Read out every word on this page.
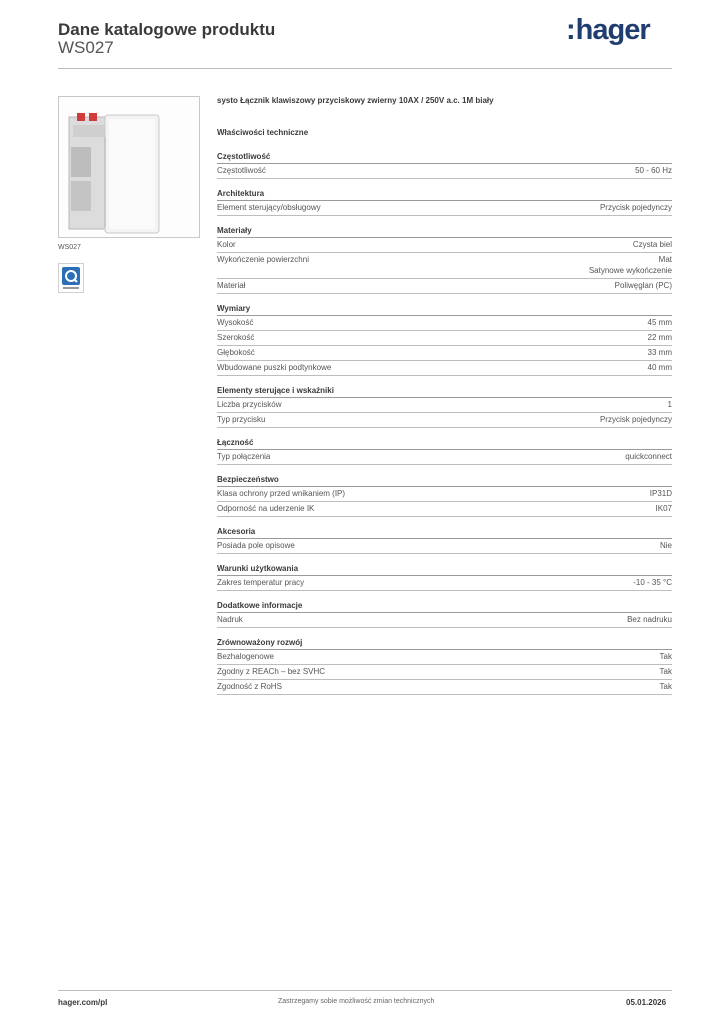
Dane katalogowe produktu
WS027
:hager
WS027
systo Łącznik klawiszowy przyciskowy zwierny 10AX / 250V a.c. 1M biały
Właściwości techniczne
Częstotliwość
Częstotliwość	50 - 60 Hz
Architektura
Element sterujący/obsługowy	Przycisk pojedynczy
Materiały
Kolor	Czysta biel
Wykończenie powierzchni	Mat
Satynowe wykończenie
Materiał	Poliwęglan (PC)
Wymiary
Wysokość	45 mm
Szerokość	22 mm
Głębokość	33 mm
Wbudowane puszki podtynkowe	40 mm
Elementy sterujące i wskaźniki
Liczba przycisków	1
Typ przycisku	Przycisk pojedynczy
Łączność
Typ połączenia	quickconnect
Bezpieczeństwo
Klasa ochrony przed wnikaniem (IP)	IP31D
Odporność na uderzenie IK	IK07
Akcesoria
Posiada pole opisowe	Nie
Warunki użytkowania
Zakres temperatur pracy	-10 - 35 °C
Dodatkowe informacje
Nadruk	Bez nadruku
Zrównoważony rozwój
Bezhalogenowe	Tak
Zgodny z REACh – bez SVHC	Tak
Zgodność z RoHS	Tak
hager.com/pl	Zastrzegamy sobie możliwość zmian technicznych	05.01.2026
